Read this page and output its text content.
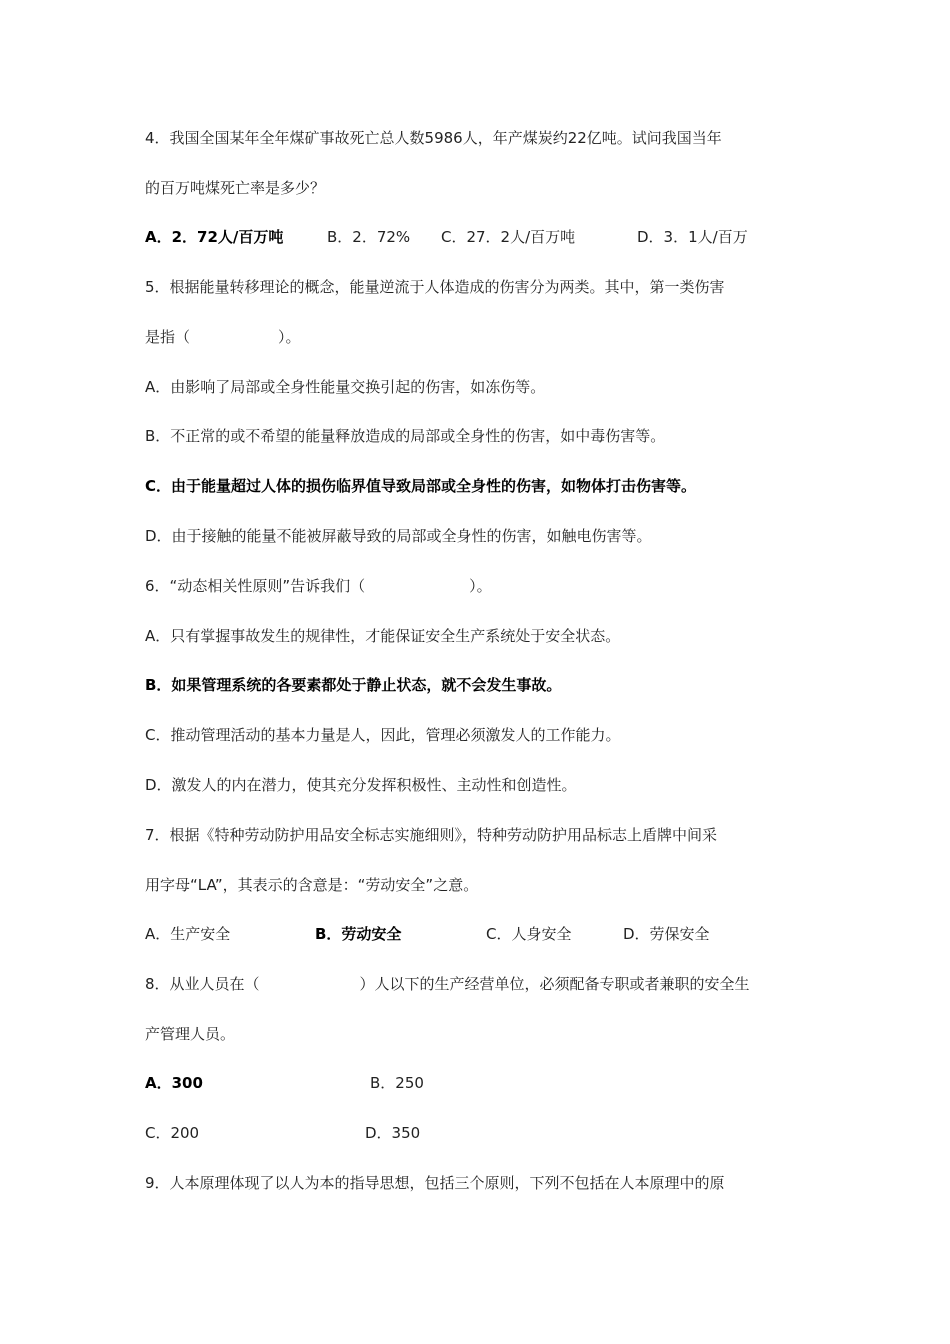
4．我国全国某年全年煤矿事故死亡总人数5986人，年产煤炭约22亿吨。试问我国当年
的百万吨煤死亡率是多少？
A．2．72人/百万吨	B．2．72% C．27．2人/百万吨	D．3．1人/百万
5．根据能量转移理论的概念，能量逆流于人体造成的伤害分为两类。其中，第一类伤害
是指（	）。
A．由影响了局部或全身性能量交换引起的伤害，如冻伤等。
B．不正常的或不希望的能量释放造成的局部或全身性的伤害，如中毒伤害等。
C．由于能量超过人体的损伤临界值导致局部或全身性的伤害，如物体打击伤害等。
D．由于接触的能量不能被屏蔽导致的局部或全身性的伤害，如触电伤害等。
6．“动态相关性原则”告诉我们（	）。
A．只有掌握事故发生的规律性，才能保证安全生产系统处于安全状态。
B．如果管理系统的各要素都处于静止状态，就不会发生事故。
C．推动管理活动的基本力量是人，因此，管理必须激发人的工作能力。
D．激发人的内在潜力，使其充分发挥积极性、主动性和创造性。
7．根据《特种劳动防护用品安全标志实施细则》，特种劳动防护用品标志上盾牌中间采
用字母“LA”，其表示的含意是：“劳动安全”之意。
A．生产安全	B．劳动安全	C．人身安全	D．劳保安全
8．从业人员在（	）人以下的生产经营单位，必须配备专职或者兼职的安全生
产管理人员。
A．300	B．250
C．200	D．350
9．人本原理体现了以人为本的指导思想，包括三个原则，下列不包括在人本原理中的原
